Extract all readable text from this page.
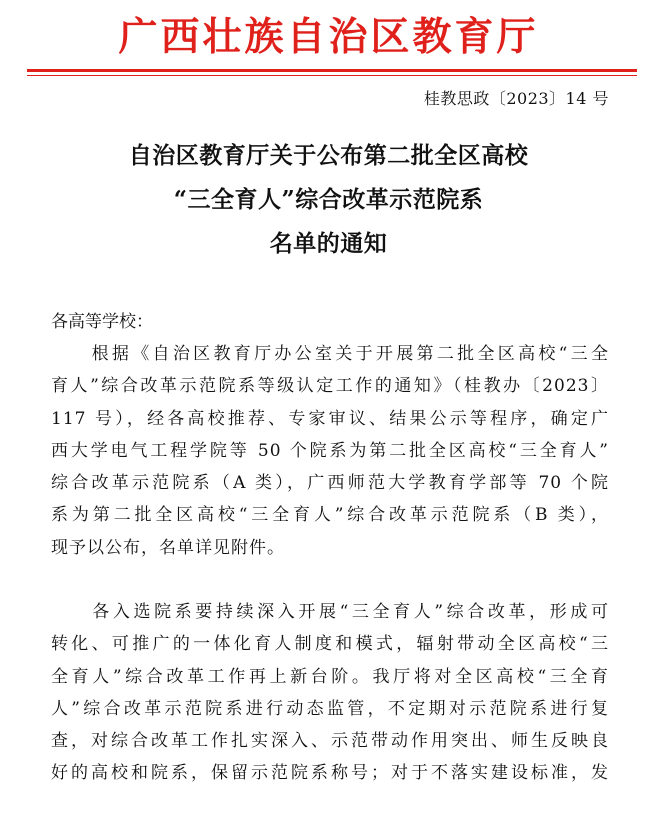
广西壮族自治区教育厅
桂教思政〔2023〕14 号
自治区教育厅关于公布第二批全区高校
“三全育人”综合改革示范院系
名单的通知
各高等学校：
　　根据《自治区教育厅办公室关于开展第二批全区高校“三全
育人”综合改革示范院系等级认定工作的通知》（桂教办〔2023〕
117 号），经各高校推荐、专家审议、结果公示等程序，确定广
西大学电气工程学院等 50 个院系为第二批全区高校“三全育人”
综合改革示范院系（A 类），广西师范大学教育学部等 70 个院
系为第二批全区高校“三全育人”综合改革示范院系（B 类），
现予以公布，名单详见附件。
　　各入选院系要持续深入开展“三全育人”综合改革，形成可
转化、可推广的一体化育人制度和模式，辐射带动全区高校“三
全育人”综合改革工作再上新台阶。我厅将对全区高校“三全育
人”综合改革示范院系进行动态监管，不定期对示范院系进行复
查，对综合改革工作扎实深入、示范带动作用突出、师生反映良
好的高校和院系，保留示范院系称号；对于不落实建设标准，发
